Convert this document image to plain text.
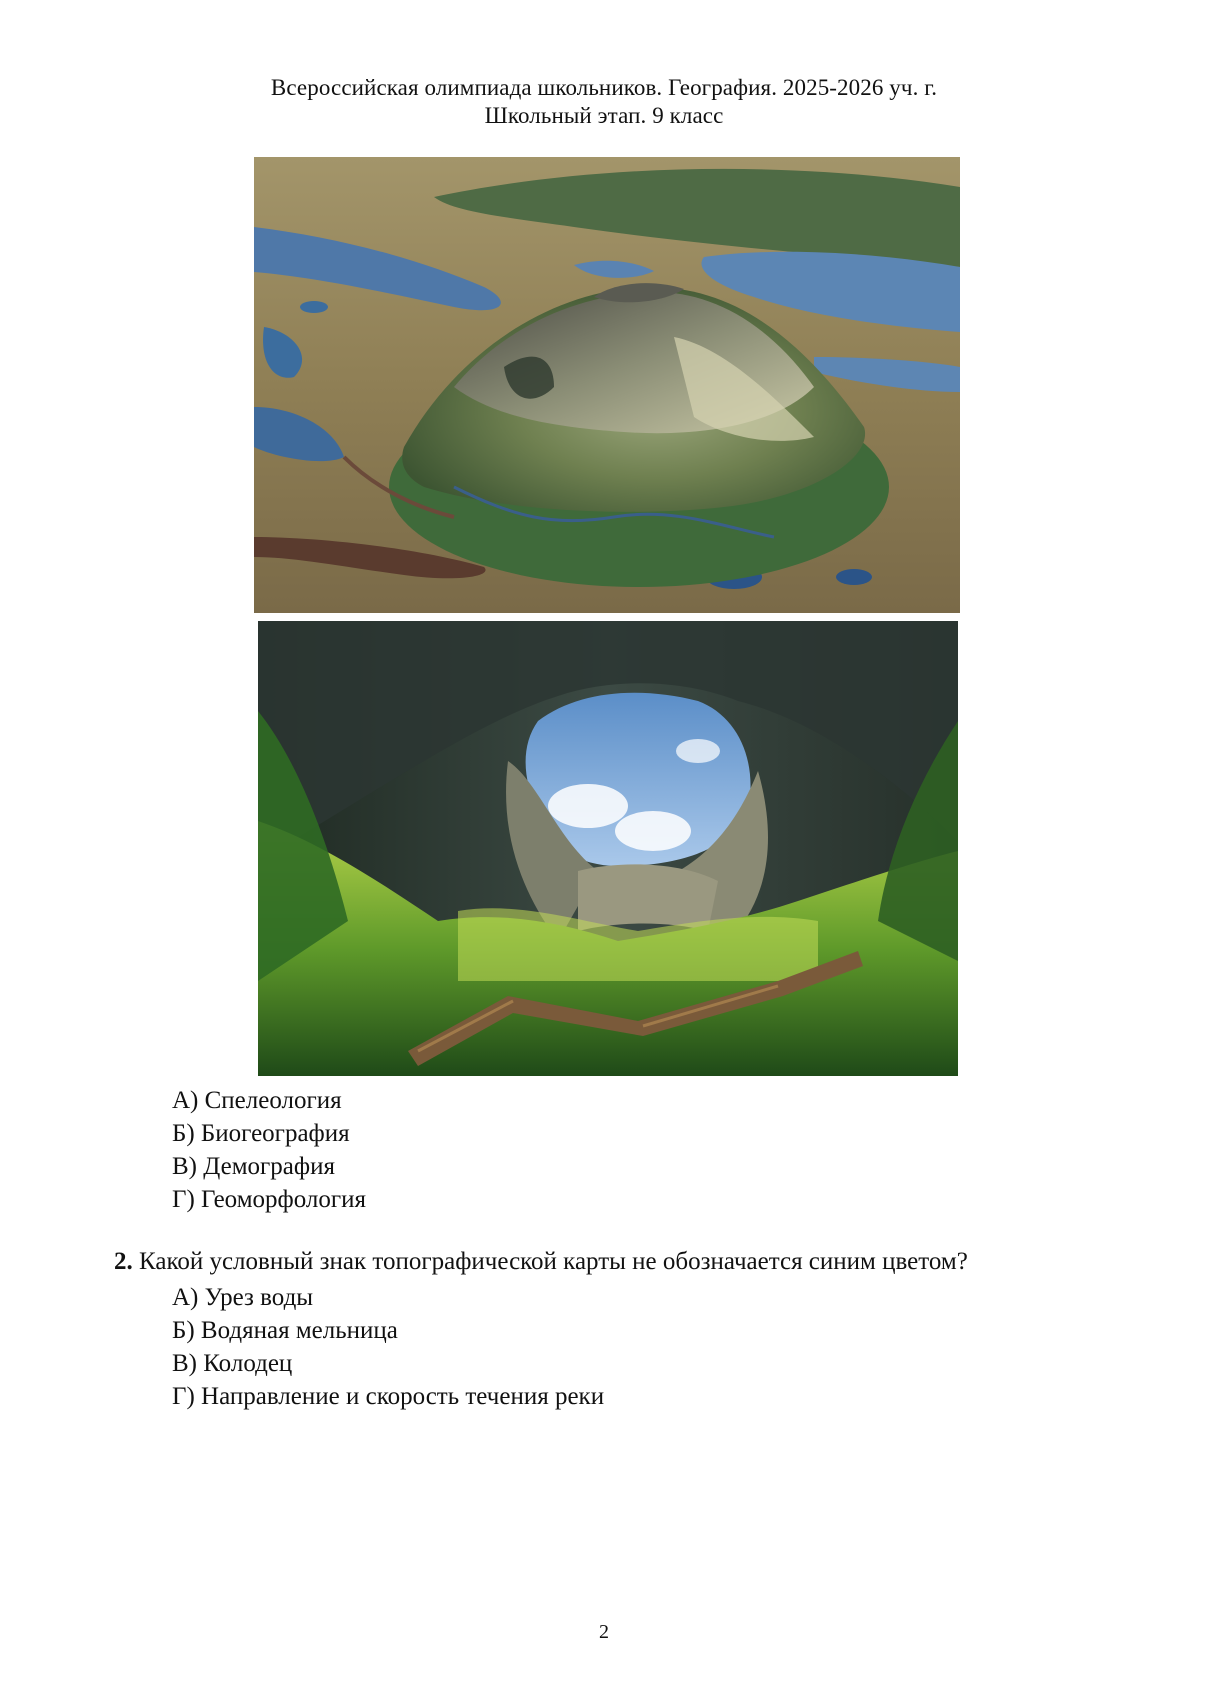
Всероссийская олимпиада школьников. География. 2025-2026 уч. г.
Школьный этап. 9 класс
А) Спелеология
Б) Биогеография
В) Демография
Г) Геоморфология
2. Какой условный знак топографической карты не обозначается синим цветом?
А) Урез воды
Б) Водяная мельница
В) Колодец
Г) Направление и скорость течения реки
2
